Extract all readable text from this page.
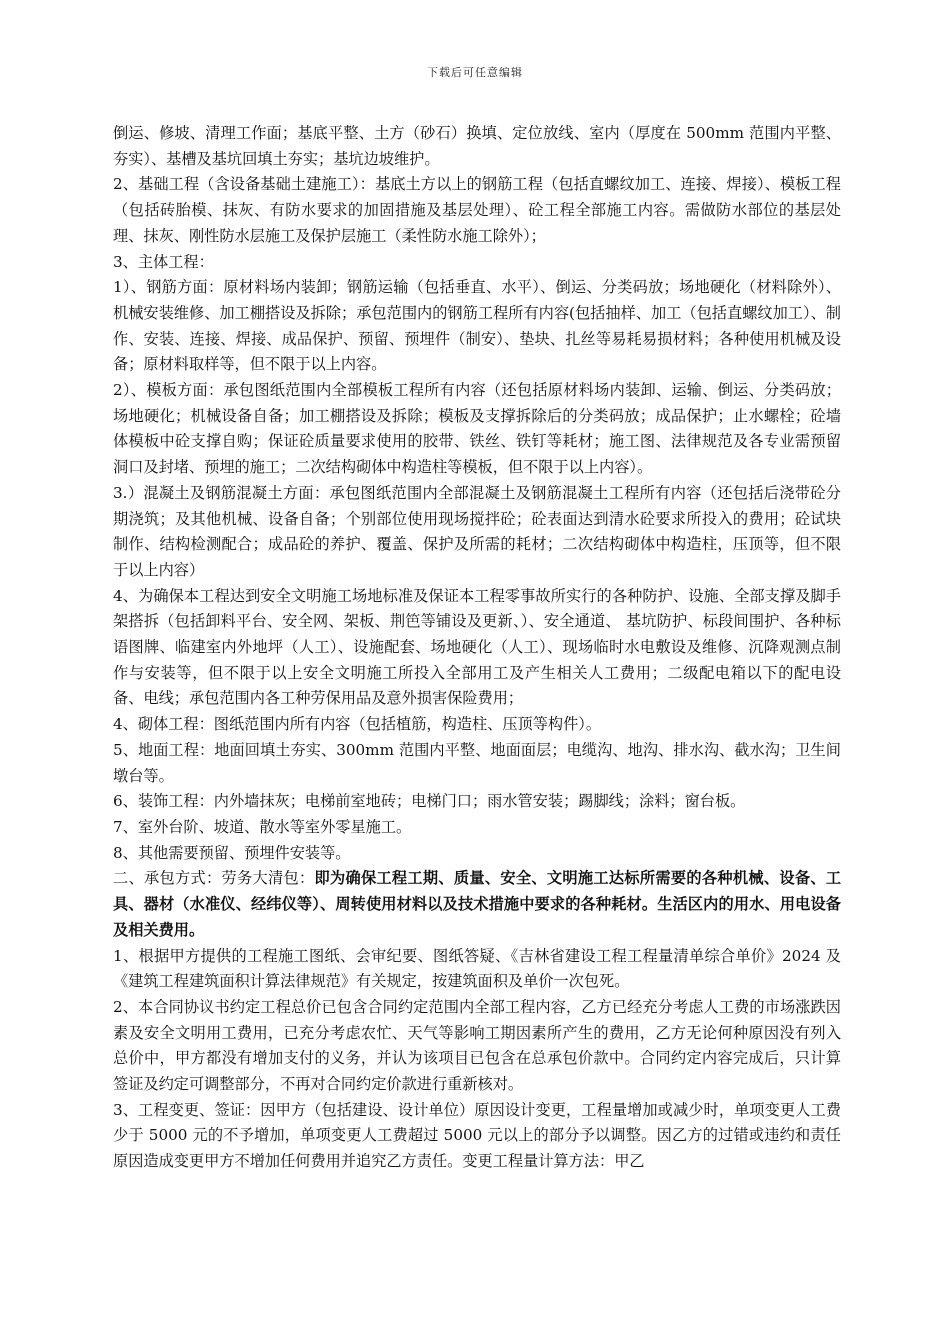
下载后可任意编辑

倒运、修坡、清理工作面；基底平整、土方（砂石）换填、定位放线、室内（厚度在 500mm 范围内平整、夯实）、基槽及基坑回填土夯实；基坑边坡维护。

2、基础工程（含设备基础土建施工）：基底土方以上的钢筋工程（包括直螺纹加工、连接、焊接）、模板工程（包括砖胎模、抹灰、有防水要求的加固措施及基层处理）、砼工程全部施工内容。需做防水部位的基层处理、抹灰、刚性防水层施工及保护层施工（柔性防水施工除外）；

3、主体工程：

1）、钢筋方面：原材料场内装卸；钢筋运输（包括垂直、水平）、倒运、分类码放；场地硬化（材料除外）、机械安装维修、加工棚搭设及拆除；承包范围内的钢筋工程所有内容(包括抽样、加工（包括直螺纹加工）、制作、安装、连接、焊接、成品保护、预留、预埋件（制安）、垫块、扎丝等易耗易损材料；各种使用机械及设备；原材料取样等，但不限于以上内容。

2）、模板方面：承包图纸范围内全部模板工程所有内容（还包括原材料场内装卸、运输、倒运、分类码放；场地硬化；机械设备自备；加工棚搭设及拆除；模板及支撑拆除后的分类码放；成品保护；止水螺栓；砼墙体模板中砼支撑自购；保证砼质量要求使用的胶带、铁丝、铁钉等耗材；施工图、法律规范及各专业需预留洞口及封堵、预埋的施工；二次结构砌体中构造柱等模板，但不限于以上内容）。

3.）混凝土及钢筋混凝土方面：承包图纸范围内全部混凝土及钢筋混凝土工程所有内容（还包括后浇带砼分期浇筑；及其他机械、设备自备；个别部位使用现场搅拌砼；砼表面达到清水砼要求所投入的费用；砼试块制作、结构检测配合；成品砼的养护、覆盖、保护及所需的耗材；二次结构砌体中构造柱，压顶等，但不限于以上内容）

4、为确保本工程达到安全文明施工场地标准及保证本工程零事故所实行的各种防护、设施、全部支撑及脚手架搭拆（包括卸料平台、安全网、架板、荆笆等铺设及更新、）、安全通道、 基坑防护、标段间围护、各种标语图牌、临建室内外地坪（人工）、设施配套、场地硬化（人工）、现场临时水电敷设及维修、沉降观测点制作与安装等，但不限于以上安全文明施工所投入全部用工及产生相关人工费用；二级配电箱以下的配电设备、电线；承包范围内各工种劳保用品及意外损害保险费用；

4、砌体工程：图纸范围内所有内容（包括植筋，构造柱、压顶等构件）。

5、地面工程：地面回填土夯实、300mm 范围内平整、地面面层；电缆沟、地沟、排水沟、截水沟；卫生间墩台等。

6、装饰工程：内外墙抹灰；电梯前室地砖；电梯门口；雨水管安装；踢脚线；涂料；窗台板。

7、室外台阶、坡道、散水等室外零星施工。

8、其他需要预留、预埋件安装等。

二、承包方式：劳务大清包：即为确保工程工期、质量、安全、文明施工达标所需要的各种机械、设备、工具、器材（水准仪、经纬仪等）、周转使用材料以及技术措施中要求的各种耗材。生活区内的用水、用电设备及相关费用。

1、根据甲方提供的工程施工图纸、会审纪要、图纸答疑、《吉林省建设工程工程量清单综合单价》2024 及《建筑工程建筑面积计算法律规范》有关规定，按建筑面积及单价一次包死。

2、本合同协议书约定工程总价已包含合同约定范围内全部工程内容，乙方已经充分考虑人工费的市场涨跌因素及安全文明用工费用，已充分考虑农忙、天气等影响工期因素所产生的费用，乙方无论何种原因没有列入总价中，甲方都没有增加支付的义务，并认为该项目已包含在总承包价款中。合同约定内容完成后，只计算签证及约定可调整部分，不再对合同约定价款进行重新核对。

3、工程变更、签证：因甲方（包括建设、设计单位）原因设计变更，工程量增加或减少时，单项变更人工费少于 5000 元的不予增加，单项变更人工费超过 5000 元以上的部分予以调整。因乙方的过错或违约和责任原因造成变更甲方不增加任何费用并追究乙方责任。变更工程量计算方法：甲乙
